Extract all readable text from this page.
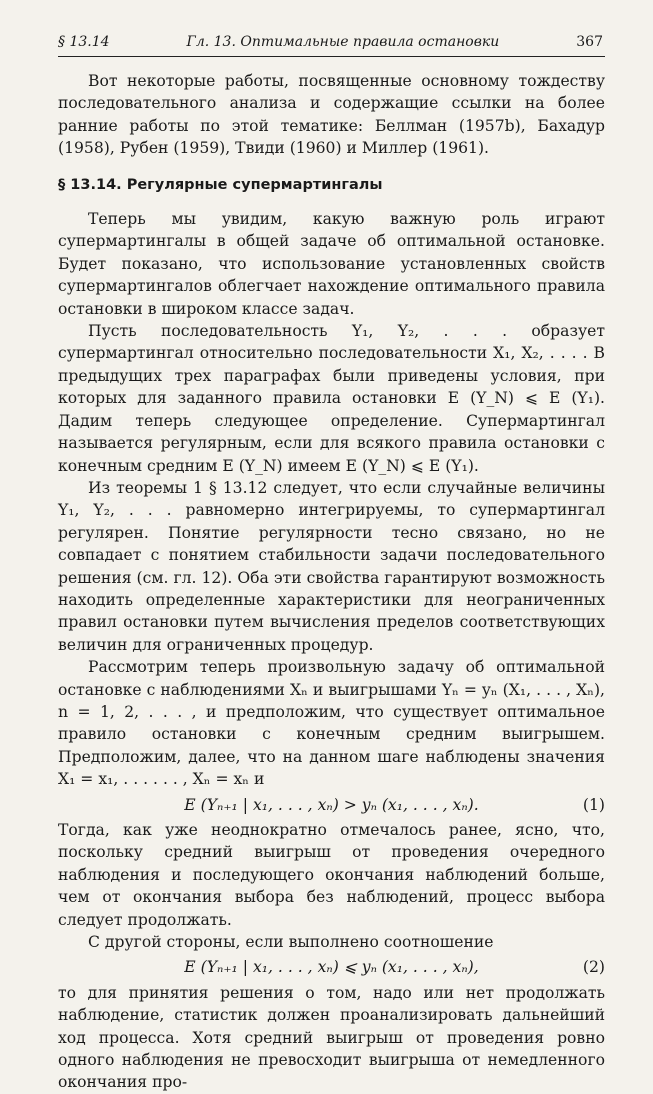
§ 13.14	Гл. 13. Оптимальные правила остановки	367

Вот некоторые работы, посвященные основному тождеству последовательного анализа и содержащие ссылки на более ранние работы по этой тематике: Беллман (1957b), Бахадур (1958), Рубен (1959), Твиди (1960) и Миллер (1961).

§ 13.14. Регулярные супермартингалы

Теперь мы увидим, какую важную роль играют супермартингалы в общей задаче об оптимальной остановке. Будет показано, что использование установленных свойств супермартингалов облегчает нахождение оптимального правила остановки в широком классе задач.

Пусть последовательность Y₁, Y₂, . . . образует супермартингал относительно последовательности X₁, X₂, . . . . В предыдущих трех параграфах были приведены условия, при которых для заданного правила остановки E (Y_N) ⩽ E (Y₁). Дадим теперь следующее определение. Супермартингал называется регулярным, если для всякого правила остановки с конечным средним E (Y_N) имеем E (Y_N) ⩽ E (Y₁).

Из теоремы 1 § 13.12 следует, что если случайные величины Y₁, Y₂, . . . равномерно интегрируемы, то супермартингал регулярен. Понятие регулярности тесно связано, но не совпадает с понятием стабильности задачи последовательного решения (см. гл. 12). Оба эти свойства гарантируют возможность находить определенные характеристики для неограниченных правил остановки путем вычисления пределов соответствующих величин для ограниченных процедур.

Рассмотрим теперь произвольную задачу об оптимальной остановке с наблюдениями Xₙ и выигрышами Yₙ = yₙ (X₁, . . . , Xₙ), n = 1, 2, . . . , и предположим, что существует оптимальное правило остановки с конечным средним выигрышем. Предположим, далее, что на данном шаге наблюдены значения X₁ = x₁, . . . . . . , Xₙ = xₙ и

E (Yₙ₊₁ | x₁, . . . , xₙ) > yₙ (x₁, . . . , xₙ).	(1)

Тогда, как уже неоднократно отмечалось ранее, ясно, что, поскольку средний выигрыш от проведения очередного наблюдения и последующего окончания наблюдений больше, чем от окончания выбора без наблюдений, процесс выбора следует продолжать.

С другой стороны, если выполнено соотношение

E (Yₙ₊₁ | x₁, . . . , xₙ) ⩽ yₙ (x₁, . . . , xₙ),	(2)

то для принятия решения о том, надо или нет продолжать наблюдение, статистик должен проанализировать дальнейший ход процесса. Хотя средний выигрыш от проведения ровно одного наблюдения не превосходит выигрыша от немедленного окончания про-
